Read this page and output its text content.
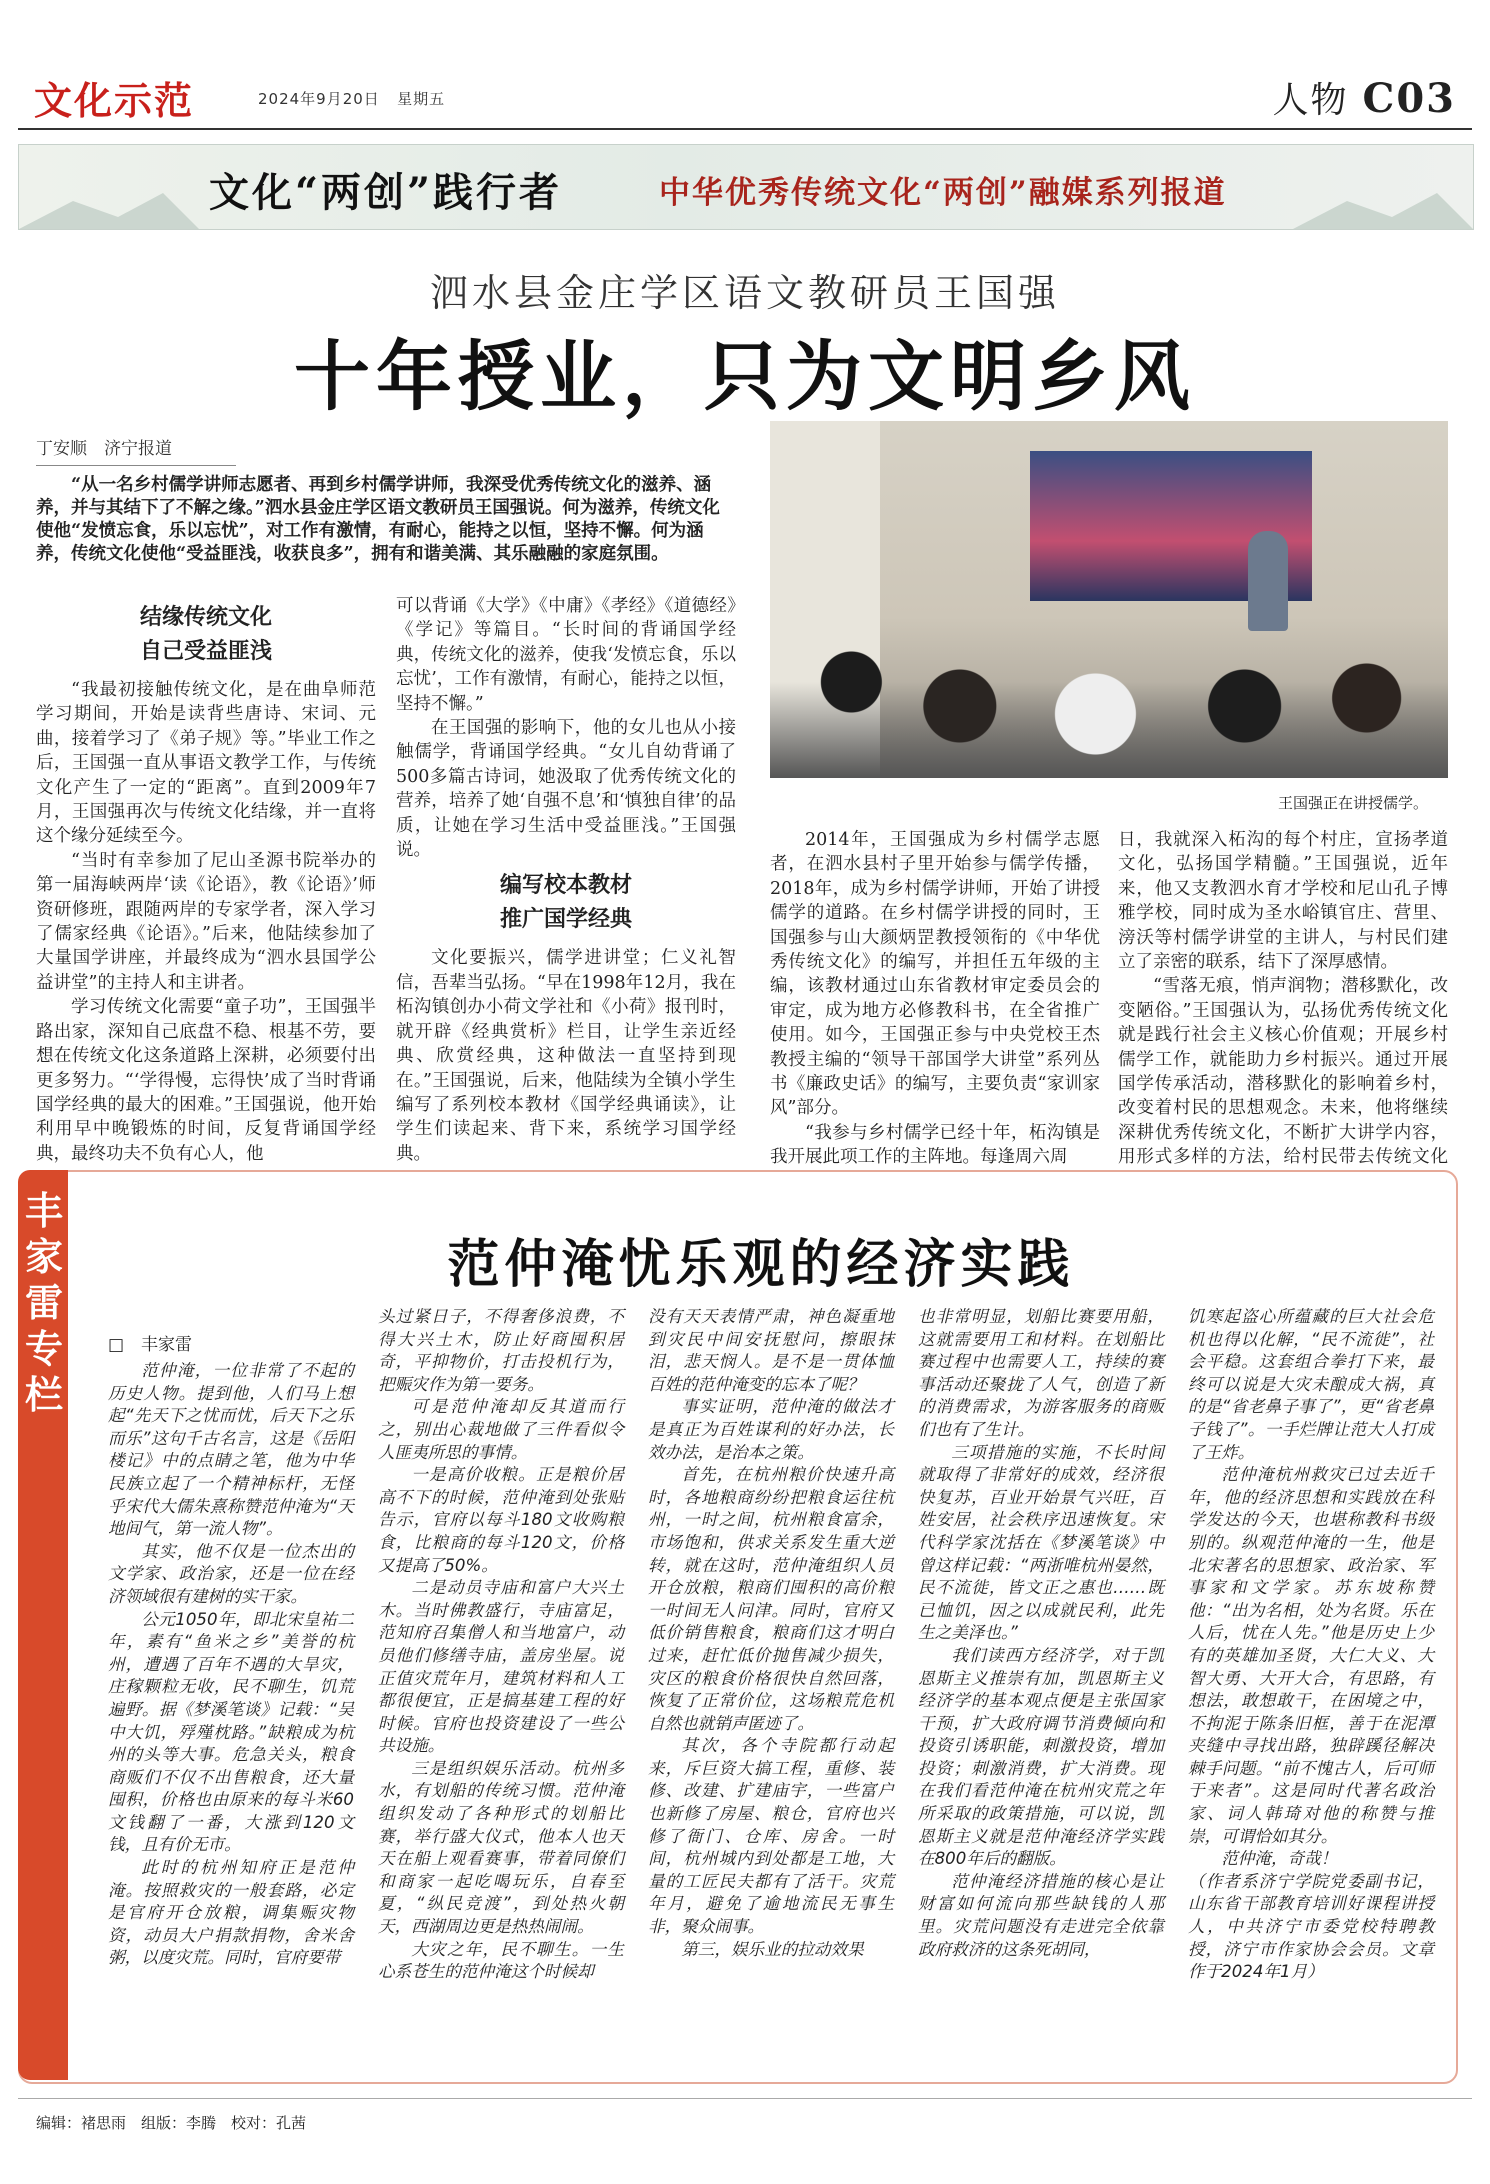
文化示范	2024年9月20日 星期五	人物 C03
文化“两创”践行者	中华优秀传统文化“两创”融媒系列报道
泗水县金庄学区语文教研员王国强
十年授业，只为文明乡风
丁安顺　济宁报道
“从一名乡村儒学讲师志愿者、再到乡村儒学讲师，我深受优秀传统文化的滋养、涵养，并与其结下了不解之缘。”泗水县金庄学区语文教研员王国强说。何为滋养，传统文化使他“发愤忘食，乐以忘忧”，对工作有激情，有耐心，能持之以恒，坚持不懈。何为涵养，传统文化使他“受益匪浅，收获良多”，拥有和谐美满、其乐融融的家庭氛围。
结缘传统文化
自己受益匪浅

“我最初接触传统文化，是在曲阜师范学习期间，开始是读背些唐诗、宋词、元曲，接着学习了《弟子规》等。”毕业工作之后，王国强一直从事语文教学工作，与传统文化产生了一定的“距离”。直到2009年7月，王国强再次与传统文化结缘，并一直将这个缘分延续至今。

“当时有幸参加了尼山圣源书院举办的第一届海峡两岸‘读《论语》，教《论语》’师资研修班，跟随两岸的专家学者，深入学习了儒家经典《论语》。”后来，他陆续参加了大量国学讲座，并最终成为“泗水县国学公益讲堂”的主持人和主讲者。

学习传统文化需要“童子功”，王国强半路出家，深知自己底盘不稳、根基不劳，要想在传统文化这条道路上深耕，必须要付出更多努力。“‘学得慢，忘得快’成了当时背诵国学经典的最大的困难。”王国强说，他开始利用早中晚锻炼的时间，反复背诵国学经典，最终功夫不负有心人，他

可以背诵《大学》《中庸》《孝经》《道德经》《学记》等篇目。“长时间的背诵国学经典，传统文化的滋养，使我‘发愤忘食，乐以忘忧’，工作有激情，有耐心，能持之以恒，坚持不懈。”

在王国强的影响下，他的女儿也从小接触儒学，背诵国学经典。“女儿自幼背诵了500多篇古诗词，她汲取了优秀传统文化的营养，培养了她‘自强不息’和‘慎独自律’的品质，让她在学习生活中受益匪浅。”王国强说。

编写校本教材
推广国学经典

文化要振兴，儒学进讲堂；仁义礼智信，吾辈当弘扬。“早在1998年12月，我在柘沟镇创办小荷文学社和《小荷》报刊时，就开辟《经典赏析》栏目，让学生亲近经典、欣赏经典，这种做法一直坚持到现在。”王国强说，后来，他陆续为全镇小学生编写了系列校本教材《国学经典诵读》，让学生们读起来、背下来，系统学习国学经典。

王国强正在讲授儒学。

2014年，王国强成为乡村儒学志愿者，在泗水县村子里开始参与儒学传播，2018年，成为乡村儒学讲师，开始了讲授儒学的道路。在乡村儒学讲授的同时，王国强参与山大颜炳罡教授领衔的《中华优秀传统文化》的编写，并担任五年级的主编，该教材通过山东省教材审定委员会的审定，成为地方必修教科书，在全省推广使用。如今，王国强正参与中央党校王杰教授主编的“领导干部国学大讲堂”系列丛书《廉政史话》的编写，主要负责“家训家风”部分。

“我参与乡村儒学已经十年，柘沟镇是我开展此项工作的主阵地。每逢周六周

日，我就深入柘沟的每个村庄，宣扬孝道文化，弘扬国学精髓。”王国强说，近年来，他又支教泗水育才学校和尼山孔子博雅学校，同时成为圣水峪镇官庄、营里、滂沃等村儒学讲堂的主讲人，与村民们建立了亲密的联系，结下了深厚感情。

“雪落无痕，悄声润物；潜移默化，改变陋俗。”王国强认为，弘扬优秀传统文化就是践行社会主义核心价值观；开展乡村儒学工作，就能助力乡村振兴。通过开展国学传承活动，潜移默化的影响着乡村，改变着村民的思想观念。未来，他将继续深耕优秀传统文化，不断扩大讲学内容，用形式多样的方法，给村民带去传统文化

丰家雷专栏
范仲淹忧乐观的经济实践
□　丰家雷

范仲淹，一位非常了不起的历史人物。提到他，人们马上想起“先天下之忧而忧，后天下之乐而乐”这句千古名言，这是《岳阳楼记》中的点睛之笔，他为中华民族立起了一个精神标杆，无怪乎宋代大儒朱熹称赞范仲淹为“天地间气，第一流人物”。

其实，他不仅是一位杰出的文学家、政治家，还是一位在经济领域很有建树的实干家。

公元1050年，即北宋皇祐二年，素有“鱼米之乡”美誉的杭州，遭遇了百年不遇的大旱灾，庄稼颗粒无收，民不聊生，饥荒遍野。据《梦溪笔谈》记载：“吴中大饥，殍殣枕路。”缺粮成为杭州的头等大事。危急关头，粮食商贩们不仅不出售粮食，还大量囤积，价格也由原来的每斗米60文钱翻了一番，大涨到120文钱，且有价无市。

此时的杭州知府正是范仲淹。按照救灾的一般套路，必定是官府开仓放粮，调集赈灾物资，动员大户捐款捐物，舍米舍粥，以度灾荒。同时，官府要带

头过紧日子，不得奢侈浪费，不得大兴土木，防止好商囤积居奇，平抑物价，打击投机行为，把赈灾作为第一要务。

可是范仲淹却反其道而行之，别出心裁地做了三件看似令人匪夷所思的事情。

一是高价收粮。正是粮价居高不下的时候，范仲淹到处张贴告示，官府以每斗180文收购粮食，比粮商的每斗120文，价格又提高了50%。

二是动员寺庙和富户大兴土木。当时佛教盛行，寺庙富足，范知府召集僧人和当地富户，动员他们修缮寺庙，盖房坐屋。说正值灾荒年月，建筑材料和人工都很便宜，正是搞基建工程的好时候。官府也投资建设了一些公共设施。

三是组织娱乐活动。杭州多水，有划船的传统习惯。范仲淹组织发动了各种形式的划船比赛，举行盛大仪式，他本人也天天在船上观看赛事，带着同僚们和商家一起吃喝玩乐，自春至夏，“纵民竞渡”，到处热火朝天，西湖周边更是热热闹闹。

大灾之年，民不聊生。一生心系苍生的范仲淹这个时候却

没有天天表情严肃，神色凝重地到灾民中间安抚慰问，擦眼抹泪，悲天悯人。是不是一贯体恤百姓的范仲淹变的忘本了呢？

事实证明，范仲淹的做法才是真正为百姓谋利的好办法，长效办法，是治本之策。

首先，在杭州粮价快速升高时，各地粮商纷纷把粮食运往杭州，一时之间，杭州粮食富余，市场饱和，供求关系发生重大逆转，就在这时，范仲淹组织人员开仓放粮，粮商们囤积的高价粮一时间无人问津。同时，官府又低价销售粮食，粮商们这才明白过来，赶忙低价抛售减少损失，灾区的粮食价格很快自然回落，恢复了正常价位，这场粮荒危机自然也就销声匿迹了。

其次，各个寺院都行动起来，斥巨资大搞工程，重修、装修、改建、扩建庙宇，一些富户也新修了房屋、粮仓，官府也兴修了衙门、仓库、房舍。一时间，杭州城内到处都是工地，大量的工匠民夫都有了活干。灾荒年月，避免了逾地流民无事生非，聚众闹事。

第三，娱乐业的拉动效果

也非常明显，划船比赛要用船，这就需要用工和材料。在划船比赛过程中也需要人工，持续的赛事活动还聚拢了人气，创造了新的消费需求，为游客服务的商贩们也有了生计。

三项措施的实施，不长时间就取得了非常好的成效，经济很快复苏，百业开始景气兴旺，百姓安居，社会秩序迅速恢复。宋代科学家沈括在《梦溪笔谈》中曾这样记载：“两浙唯杭州晏然，民不流徙，皆文正之惠也……既已恤饥，因之以成就民利，此先生之美泽也。”

我们读西方经济学，对于凯恩斯主义推崇有加，凯恩斯主义经济学的基本观点便是主张国家干预，扩大政府调节消费倾向和投资引诱职能，刺激投资，增加投资；刺激消费，扩大消费。现在我们看范仲淹在杭州灾荒之年所采取的政策措施，可以说，凯恩斯主义就是范仲淹经济学实践在800年后的翻版。

范仲淹经济措施的核心是让财富如何流向那些缺钱的人那里。灾荒问题没有走进完全依靠政府救济的这条死胡同，

饥寒起盗心所蕴藏的巨大社会危机也得以化解，“民不流徙”，社会平稳。这套组合拳打下来，最终可以说是大灾未酿成大祸，真的是“省老鼻子事了”，更“省老鼻子钱了”。一手烂牌让范大人打成了王炸。

范仲淹杭州救灾已过去近千年，他的经济思想和实践放在科学发达的今天，也堪称教科书级别的。纵观范仲淹的一生，他是北宋著名的思想家、政治家、军事家和文学家。苏东坡称赞他：“出为名相，处为名贤。乐在人后，忧在人先。”他是历史上少有的英雄加圣贤，大仁大义、大智大勇、大开大合，有思路，有想法，敢想敢干，在困境之中，不拘泥于陈条旧框，善于在泥潭夹缝中寻找出路，独辟蹊径解决棘手问题。“前不愧古人，后可师于来者”。这是同时代著名政治家、词人韩琦对他的称赞与推崇，可谓恰如其分。

范仲淹，奇哉！

（作者系济宁学院党委副书记，山东省干部教育培训好课程讲授人，中共济宁市委党校特聘教授，济宁市作家协会会员。文章作于2024年1月）

编辑：褚思雨　组版：李腾　校对：孔茜
